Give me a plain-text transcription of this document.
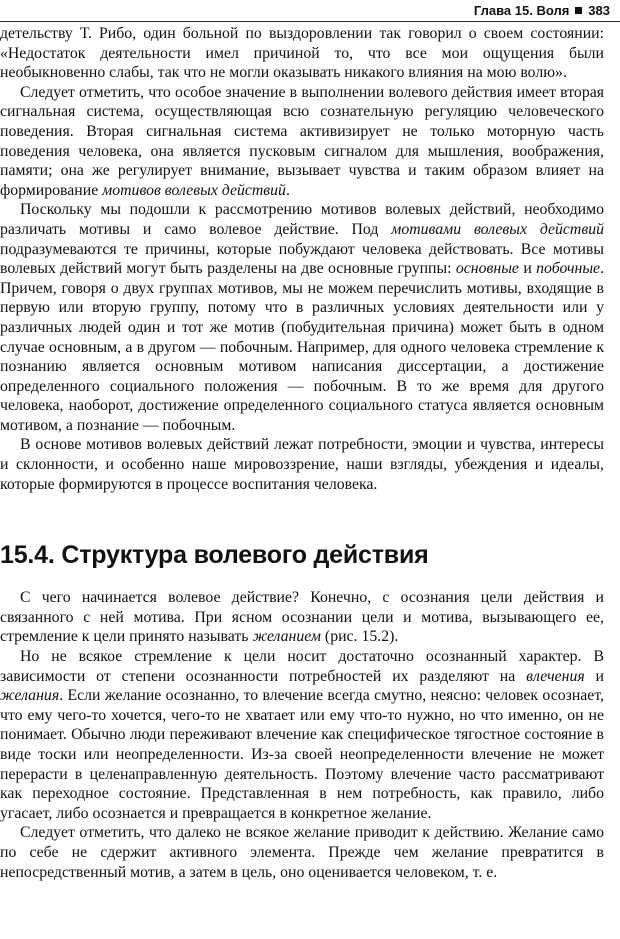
Глава 15. Воля 383

детельству Т. Рибо, один больной по выздоровлении так говорил о своем состоянии: «Недостаток деятельности имел причиной то, что все мои ощущения были необыкновенно слабы, так что не могли оказывать никакого влияния на мою волю».

Следует отметить, что особое значение в выполнении волевого действия имеет вторая сигнальная система, осуществляющая всю сознательную регуляцию человеческого поведения. Вторая сигнальная система активизирует не только моторную часть поведения человека, она является пусковым сигналом для мышления, воображения, памяти; она же регулирует внимание, вызывает чувства и таким образом влияет на формирование мотивов волевых действий.

Поскольку мы подошли к рассмотрению мотивов волевых действий, необходимо различать мотивы и само волевое действие. Под мотивами волевых действий подразумеваются те причины, которые побуждают человека действовать. Все мотивы волевых действий могут быть разделены на две основные группы: основные и побочные. Причем, говоря о двух группах мотивов, мы не можем перечислить мотивы, входящие в первую или вторую группу, потому что в различных условиях деятельности или у различных людей один и тот же мотив (побудительная причина) может быть в одном случае основным, а в другом — побочным. Например, для одного человека стремление к познанию является основным мотивом написания диссертации, а достижение определенного социального положения — побочным. В то же время для другого человека, наоборот, достижение определенного социального статуса является основным мотивом, а познание — побочным.

В основе мотивов волевых действий лежат потребности, эмоции и чувства, интересы и склонности, и особенно наше мировоззрение, наши взгляды, убеждения и идеалы, которые формируются в процессе воспитания человека.

15.4. Структура волевого действия

С чего начинается волевое действие? Конечно, с осознания цели действия и связанного с ней мотива. При ясном осознании цели и мотива, вызывающего ее, стремление к цели принято называть желанием (рис. 15.2).

Но не всякое стремление к цели носит достаточно осознанный характер. В зависимости от степени осознанности потребностей их разделяют на влечения и желания. Если желание осознанно, то влечение всегда смутно, неясно: человек осознает, что ему чего-то хочется, чего-то не хватает или ему что-то нужно, но что именно, он не понимает. Обычно люди переживают влечение как специфическое тягостное состояние в виде тоски или неопределенности. Из-за своей неопределенности влечение не может перерасти в целенаправленную деятельность. Поэтому влечение часто рассматривают как переходное состояние. Представленная в нем потребность, как правило, либо угасает, либо осознается и превращается в конкретное желание.

Следует отметить, что далеко не всякое желание приводит к действию. Желание само по себе не сдержит активного элемента. Прежде чем желание превратится в непосредственный мотив, а затем в цель, оно оценивается человеком, т. е.
